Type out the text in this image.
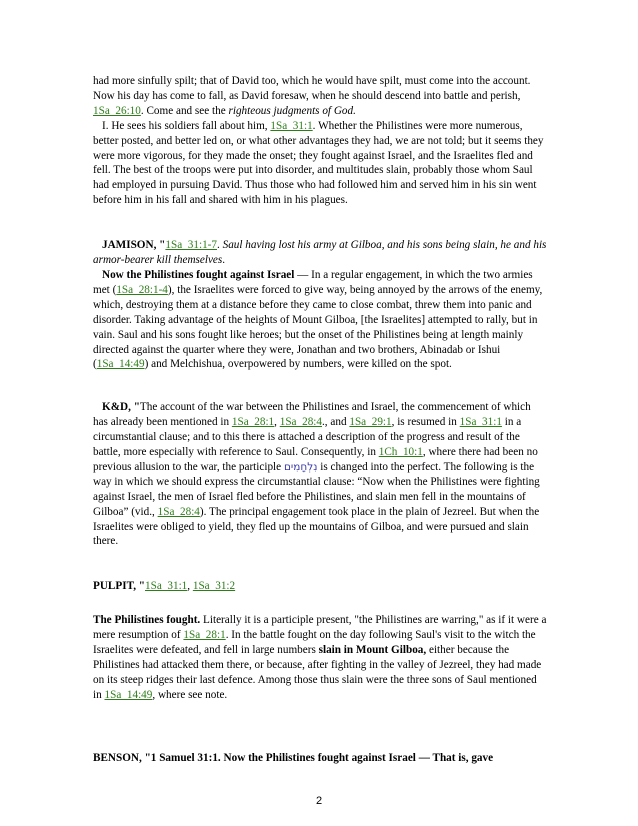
had more sinfully spilt; that of David too, which he would have spilt, must come into the account. Now his day has come to fall, as David foresaw, when he should descend into battle and perish, 1Sa_26:10. Come and see the righteous judgments of God.

I. He sees his soldiers fall about him, 1Sa_31:1. Whether the Philistines were more numerous, better posted, and better led on, or what other advantages they had, we are not told; but it seems they were more vigorous, for they made the onset; they fought against Israel, and the Israelites fled and fell. The best of the troops were put into disorder, and multitudes slain, probably those whom Saul had employed in pursuing David. Thus those who had followed him and served him in his sin went before him in his fall and shared with him in his plagues.

JAMISON, "1Sa_31:1-7. Saul having lost his army at Gilboa, and his sons being slain, he and his armor-bearer kill themselves.

Now the Philistines fought against Israel — In a regular engagement, in which the two armies met (1Sa_28:1-4), the Israelites were forced to give way, being annoyed by the arrows of the enemy, which, destroying them at a distance before they came to close combat, threw them into panic and disorder. Taking advantage of the heights of Mount Gilboa, [the Israelites] attempted to rally, but in vain. Saul and his sons fought like heroes; but the onset of the Philistines being at length mainly directed against the quarter where they were, Jonathan and two brothers, Abinadab or Ishui (1Sa_14:49) and Melchishua, overpowered by numbers, were killed on the spot.

K&D, "The account of the war between the Philistines and Israel, the commencement of which has already been mentioned in 1Sa_28:1, 1Sa_28:4., and 1Sa_29:1, is resumed in 1Sa_31:1 in a circumstantial clause; and to this there is attached a description of the progress and result of the battle, more especially with reference to Saul. Consequently, in 1Ch_10:1, where there had been no previous allusion to the war, the participle נִלְחָמִים is changed into the perfect. The following is the way in which we should express the circumstantial clause: “Now when the Philistines were fighting against Israel, the men of Israel fled before the Philistines, and slain men fell in the mountains of Gilboa” (vid., 1Sa_28:4). The principal engagement took place in the plain of Jezreel. But when the Israelites were obliged to yield, they fled up the mountains of Gilboa, and were pursued and slain there.

PULPIT, "1Sa_31:1, 1Sa_31:2

The Philistines fought. Literally it is a participle present, "the Philistines are warring," as if it were a mere resumption of 1Sa_28:1. In the battle fought on the day following Saul's visit to the witch the Israelites were defeated, and fell in large numbers slain in Mount Gilboa, either because the Philistines had attacked them there, or because, after fighting in the valley of Jezreel, they had made on its steep ridges their last defence. Among those thus slain were the three sons of Saul mentioned in 1Sa_14:49, where see note.

BENSON, "1 Samuel 31:1. Now the Philistines fought against Israel — That is, gave

2
